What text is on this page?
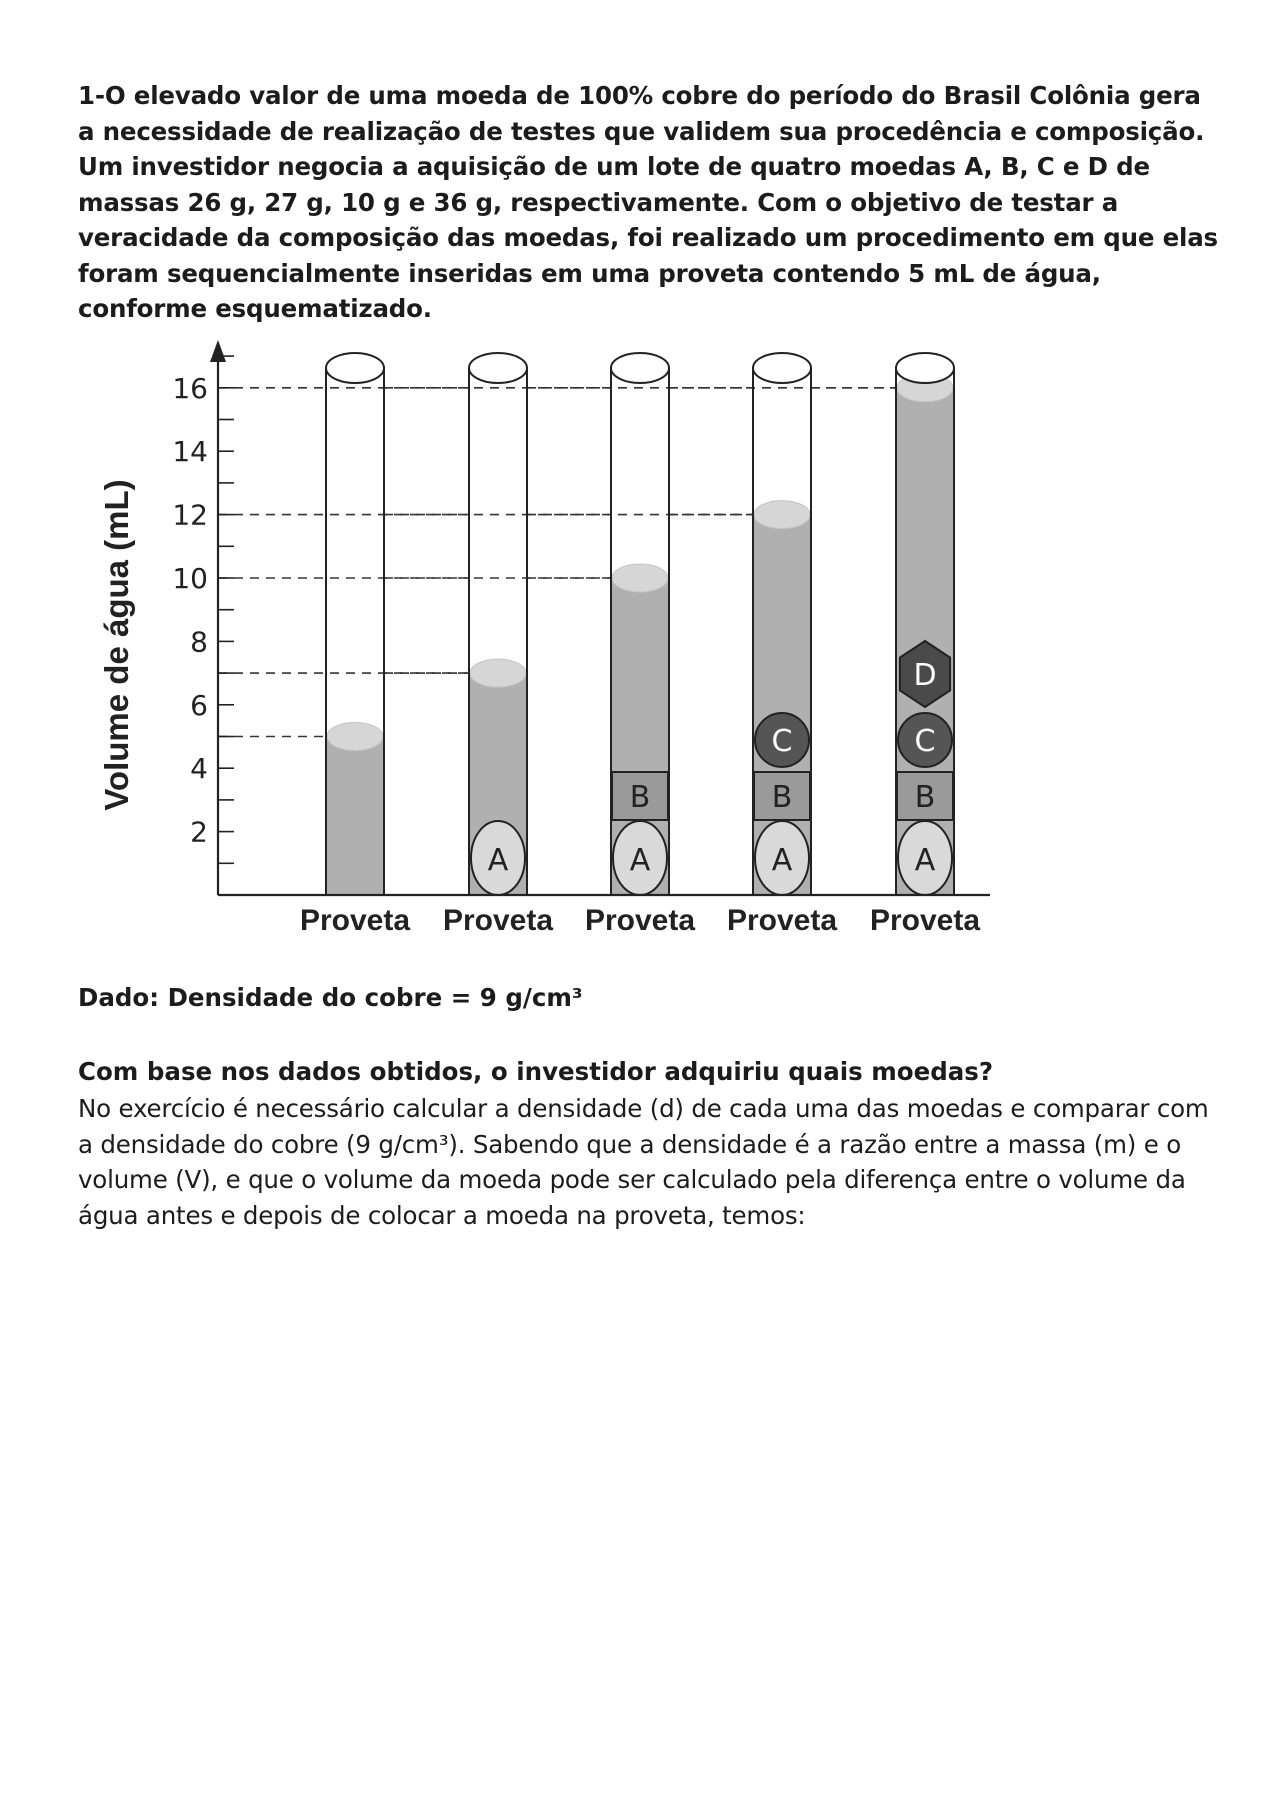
1-O elevado valor de uma moeda de 100% cobre do período do Brasil Colônia gera a necessidade de realização de testes que validem sua procedência e composição. Um investidor negocia a aquisição de um lote de quatro moedas A, B, C e D de massas 26 g, 27 g, 10 g e 36 g, respectivamente. Com o objetivo de testar a veracidade da composição das moedas, foi realizado um procedimento em que elas foram sequencialmente inseridas em uma proveta contendo 5 mL de água, conforme esquematizado.

Proveta
A
Proveta
A
B
Proveta
A
B
C
Proveta
A
B
C
D
Proveta
2
4
6
8
10
12
14
16
Volume de água (mL)

Dado: Densidade do cobre = 9 g/cm³

Com base nos dados obtidos, o investidor adquiriu quais moedas?

No exercício é necessário calcular a densidade (d) de cada uma das moedas e comparar com a densidade do cobre (9 g/cm³). Sabendo que a densidade é a razão entre a massa (m) e o volume (V), e que o volume da moeda pode ser calculado pela diferença entre o volume da água antes e depois de colocar a moeda na proveta, temos:
